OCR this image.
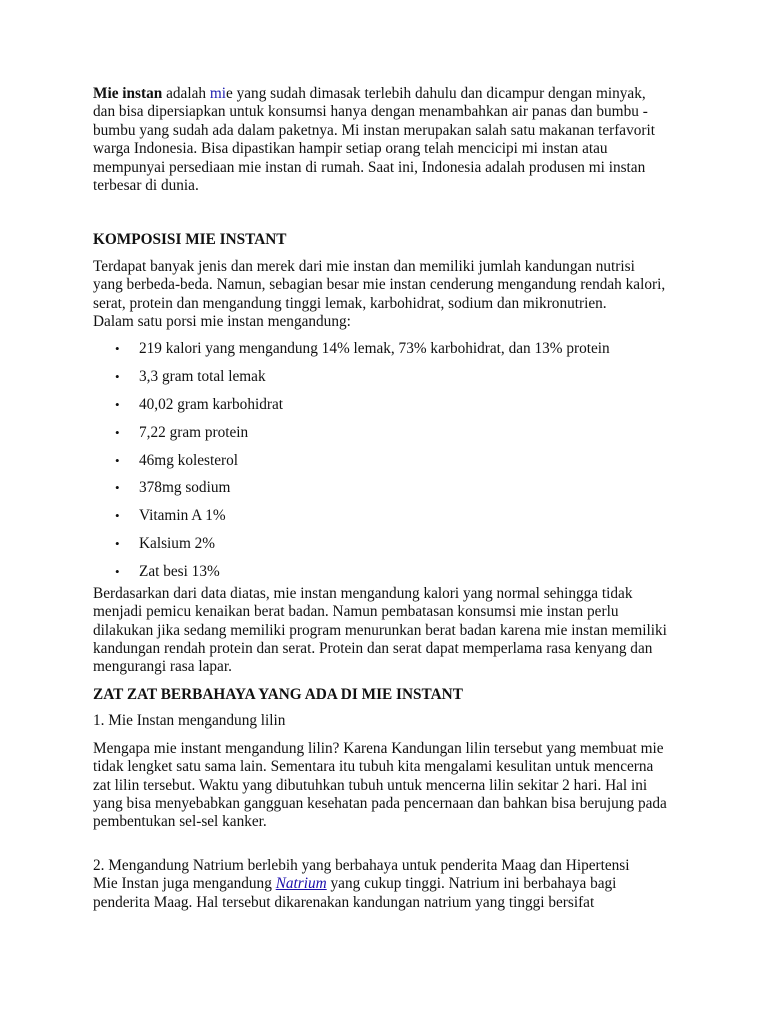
Mie instan adalah mie yang sudah dimasak terlebih dahulu dan dicampur dengan minyak,
dan bisa dipersiapkan untuk konsumsi hanya dengan menambahkan air panas dan bumbu -
bumbu yang sudah ada dalam paketnya. Mi instan merupakan salah satu makanan terfavorit
warga Indonesia. Bisa dipastikan hampir setiap orang telah mencicipi mi instan atau
mempunyai persediaan mie instan di rumah. Saat ini, Indonesia adalah produsen mi instan
terbesar di dunia.

KOMPOSISI MIE INSTANT

Terdapat banyak jenis dan merek dari mie instan dan memiliki jumlah kandungan nutrisi
yang berbeda-beda. Namun, sebagian besar mie instan cenderung mengandung rendah kalori,
serat, protein dan mengandung tinggi lemak, karbohidrat, sodium dan mikronutrien.
Dalam satu porsi mie instan mengandung:

• 219 kalori yang mengandung 14% lemak, 73% karbohidrat, dan 13% protein
• 3,3 gram total lemak
• 40,02 gram karbohidrat
• 7,22 gram protein
• 46mg kolesterol
• 378mg sodium
• Vitamin A 1%
• Kalsium 2%
• Zat besi 13%

Berdasarkan dari data diatas, mie instan mengandung kalori yang normal sehingga tidak
menjadi pemicu kenaikan berat badan. Namun pembatasan konsumsi mie instan perlu
dilakukan jika sedang memiliki program menurunkan berat badan karena mie instan memiliki
kandungan rendah protein dan serat. Protein dan serat dapat memperlama rasa kenyang dan
mengurangi rasa lapar.

ZAT ZAT BERBAHAYA YANG ADA DI MIE INSTANT

1. Mie Instan mengandung lilin

Mengapa mie instant mengandung lilin? Karena Kandungan lilin tersebut yang membuat mie
tidak lengket satu sama lain. Sementara itu tubuh kita mengalami kesulitan untuk mencerna
zat lilin tersebut. Waktu yang dibutuhkan tubuh untuk mencerna lilin sekitar 2 hari. Hal ini
yang bisa menyebabkan gangguan kesehatan pada pencernaan dan bahkan bisa berujung pada
pembentukan sel-sel kanker.

2. Mengandung Natrium berlebih yang berbahaya untuk penderita Maag dan Hipertensi

Mie Instan juga mengandung Natrium yang cukup tinggi. Natrium ini berbahaya bagi
penderita Maag. Hal tersebut dikarenakan kandungan natrium yang tinggi bersifat
